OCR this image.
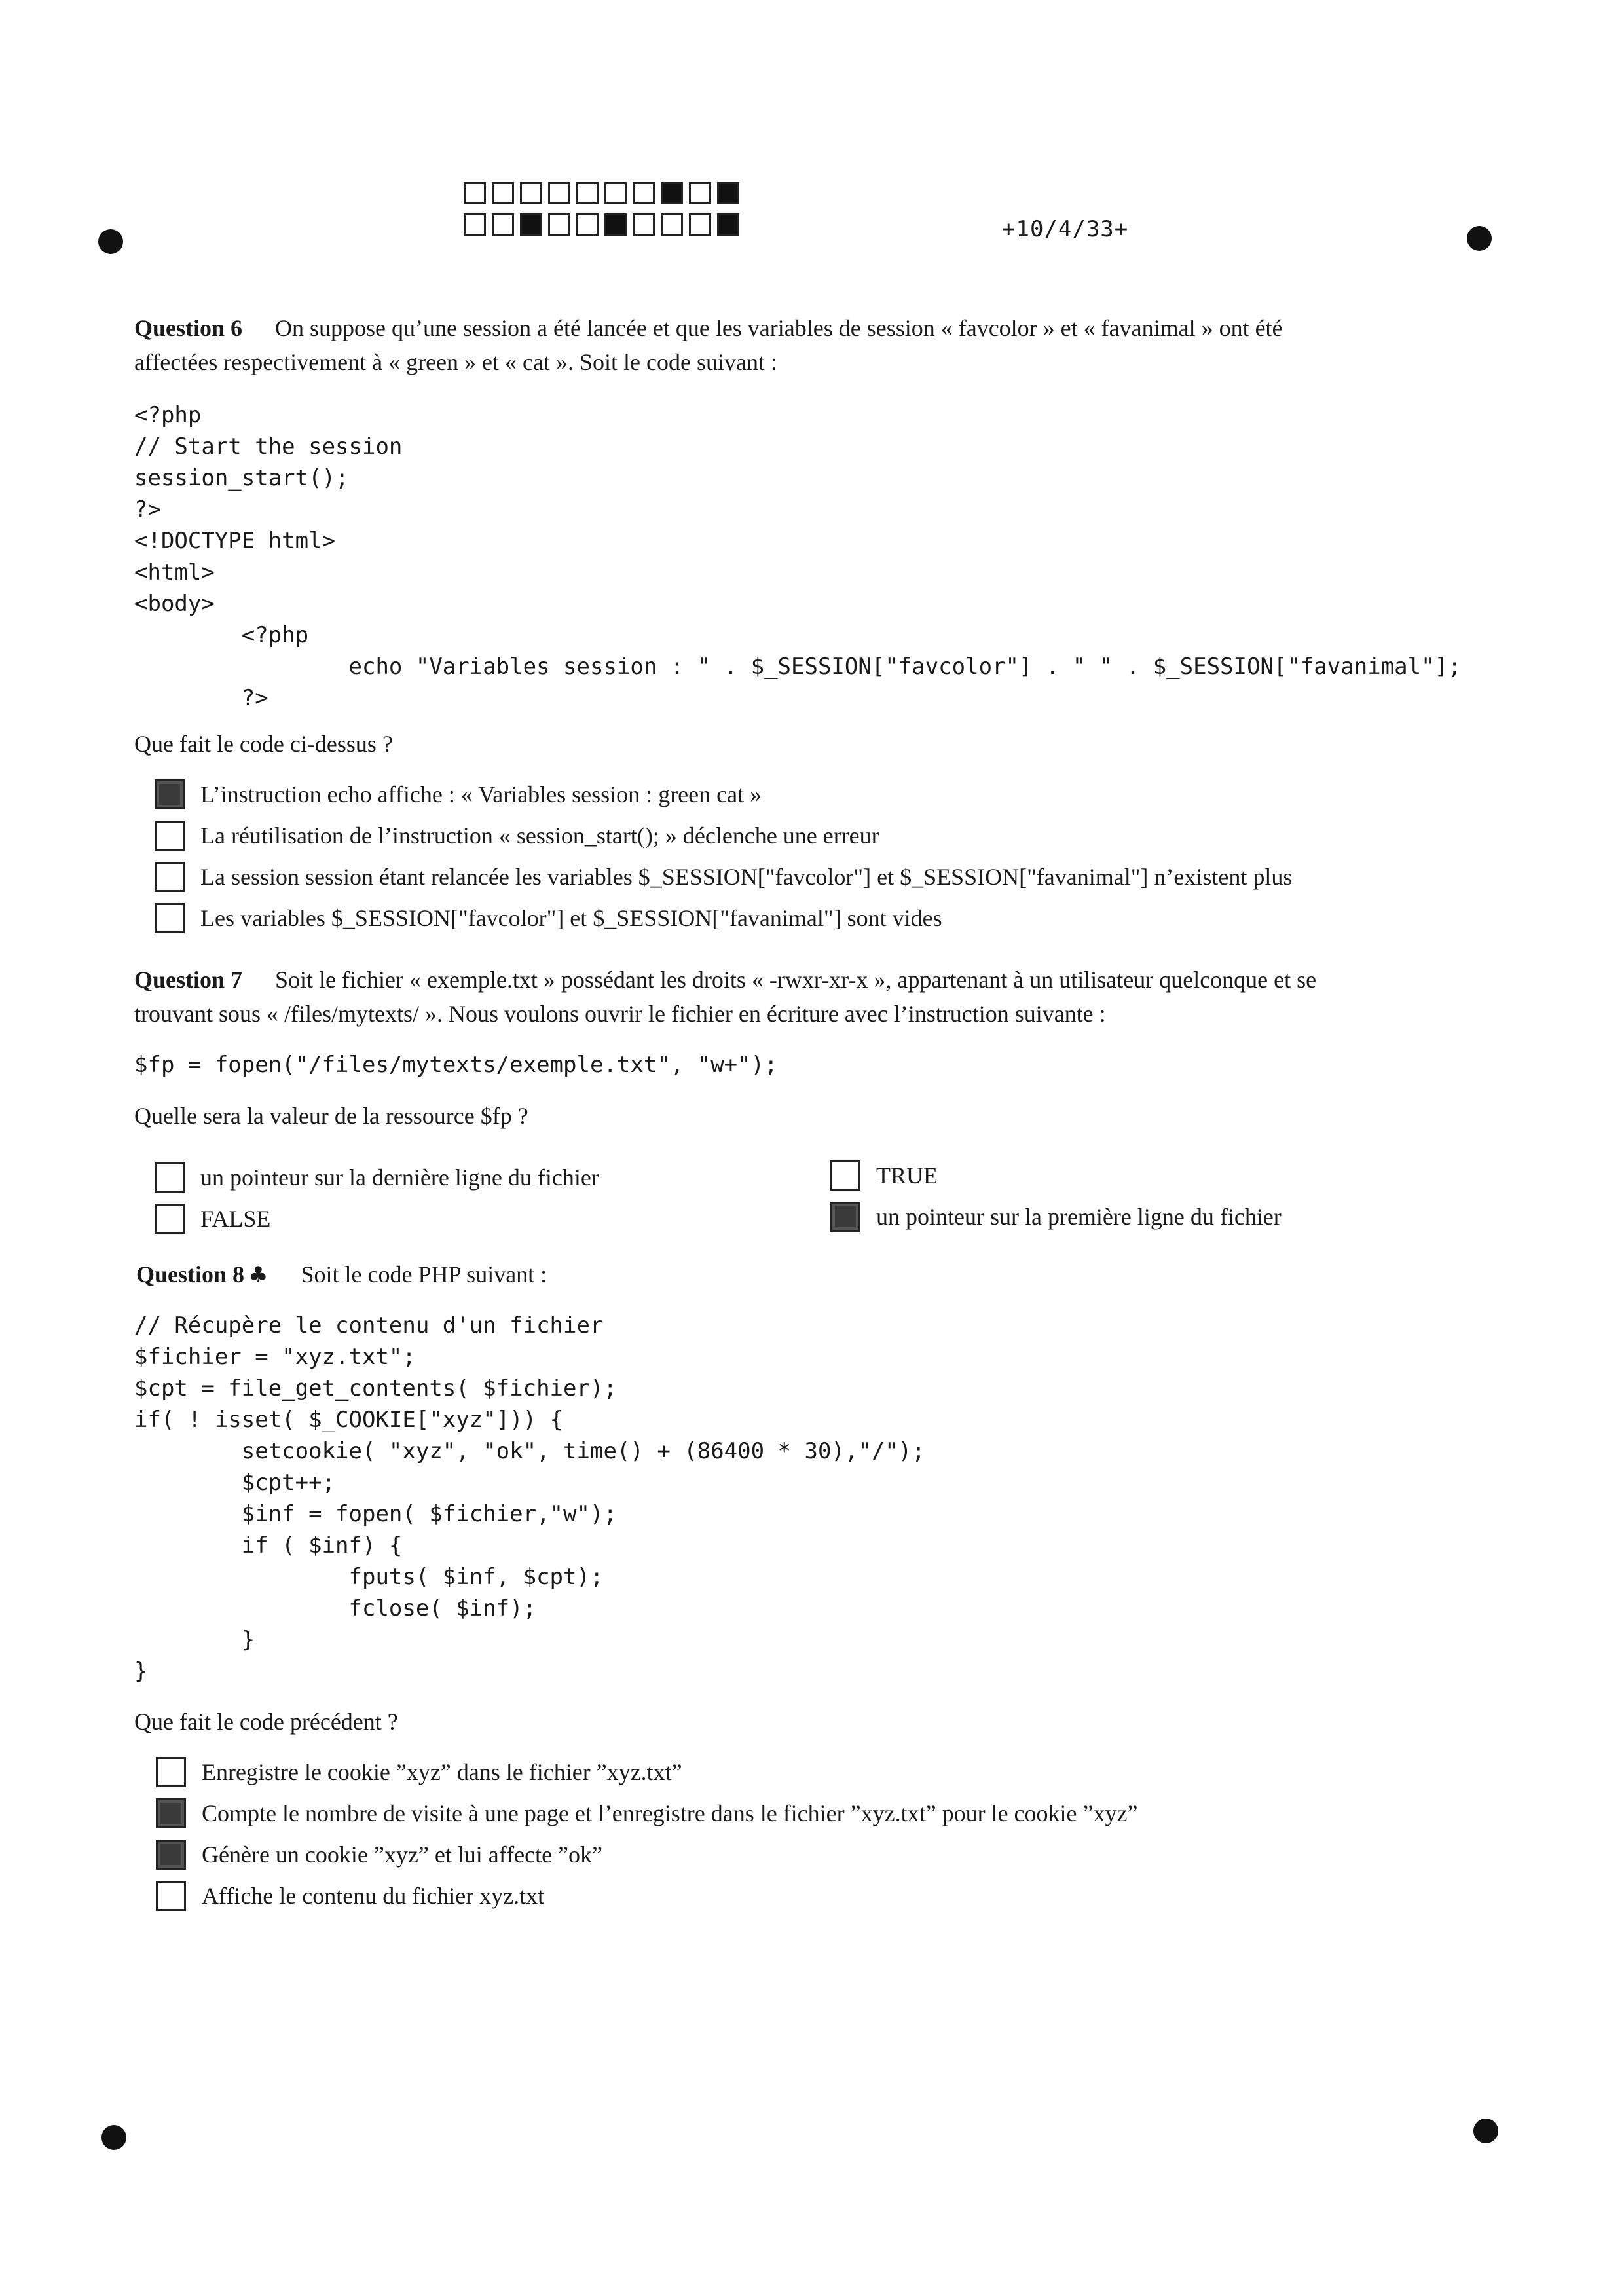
+10/4/33+
Question 6 On suppose qu’une session a été lancée et que les variables de session « favcolor » et « favanimal » ont été
affectées respectivement à « green » et « cat ». Soit le code suivant :
<?php
// Start the session
session_start();
?>
<!DOCTYPE html>
<html>
<body>
<?php
echo "Variables session : " . $_SESSION["favcolor"] . " " . $_SESSION["favanimal"];
?>
Que fait le code ci-dessus ?
L’instruction echo affiche : « Variables session : green cat »
La réutilisation de l’instruction « session_start(); » déclenche une erreur
La session session étant relancée les variables $_SESSION["favcolor"] et $_SESSION["favanimal"] n’existent plus
Les variables $_SESSION["favcolor"] et $_SESSION["favanimal"] sont vides
Question 7 Soit le fichier « exemple.txt » possédant les droits « -rwxr-xr-x », appartenant à un utilisateur quelconque et se
trouvant sous « /files/mytexts/ ». Nous voulons ouvrir le fichier en écriture avec l’instruction suivante :
$fp = fopen("/files/mytexts/exemple.txt", "w+");
Quelle sera la valeur de la ressource $fp ?
un pointeur sur la dernière ligne du fichier
FALSE
TRUE
un pointeur sur la première ligne du fichier
Question 8 ♣ Soit le code PHP suivant :
// Récupère le contenu d'un fichier
$fichier = "xyz.txt";
$cpt = file_get_contents( $fichier);
if( ! isset( $_COOKIE["xyz"])) {
setcookie( "xyz", "ok", time() + (86400 * 30),"/");
$cpt++;
$inf = fopen( $fichier,"w");
if ( $inf) {
fputs( $inf, $cpt);
fclose( $inf);
}
}
Que fait le code précédent ?
Enregistre le cookie ”xyz” dans le fichier ”xyz.txt”
Compte le nombre de visite à une page et l’enregistre dans le fichier ”xyz.txt” pour le cookie ”xyz”
Génère un cookie ”xyz” et lui affecte ”ok”
Affiche le contenu du fichier xyz.txt
